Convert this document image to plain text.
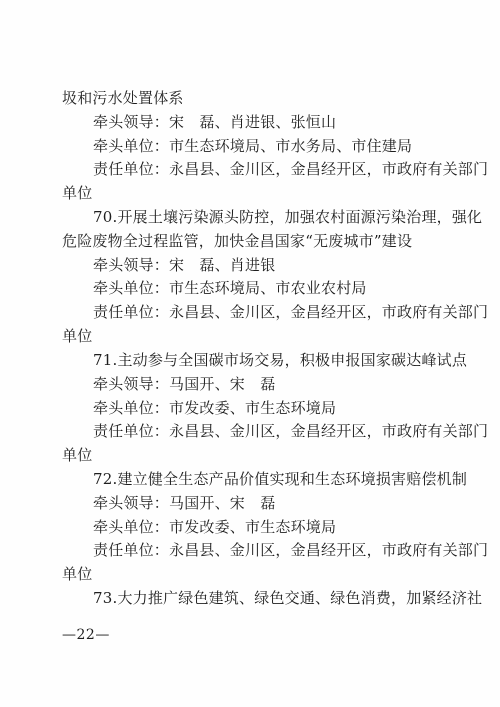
圾和污水处置体系
牵头领导：宋　磊、肖进银、张恒山
牵头单位：市生态环境局、市水务局、市住建局
责任单位：永昌县、金川区，金昌经开区，市政府有关部门
单位
70.开展土壤污染源头防控，加强农村面源污染治理，强化
危险废物全过程监管，加快金昌国家“无废城市”建设
牵头领导：宋　磊、肖进银
牵头单位：市生态环境局、市农业农村局
责任单位：永昌县、金川区，金昌经开区，市政府有关部门
单位
71.主动参与全国碳市场交易，积极申报国家碳达峰试点
牵头领导：马国开、宋　磊
牵头单位：市发改委、市生态环境局
责任单位：永昌县、金川区，金昌经开区，市政府有关部门
单位
72.建立健全生态产品价值实现和生态环境损害赔偿机制
牵头领导：马国开、宋　磊
牵头单位：市发改委、市生态环境局
责任单位：永昌县、金川区，金昌经开区，市政府有关部门
单位
73.大力推广绿色建筑、绿色交通、绿色消费，加紧经济社
—22—
